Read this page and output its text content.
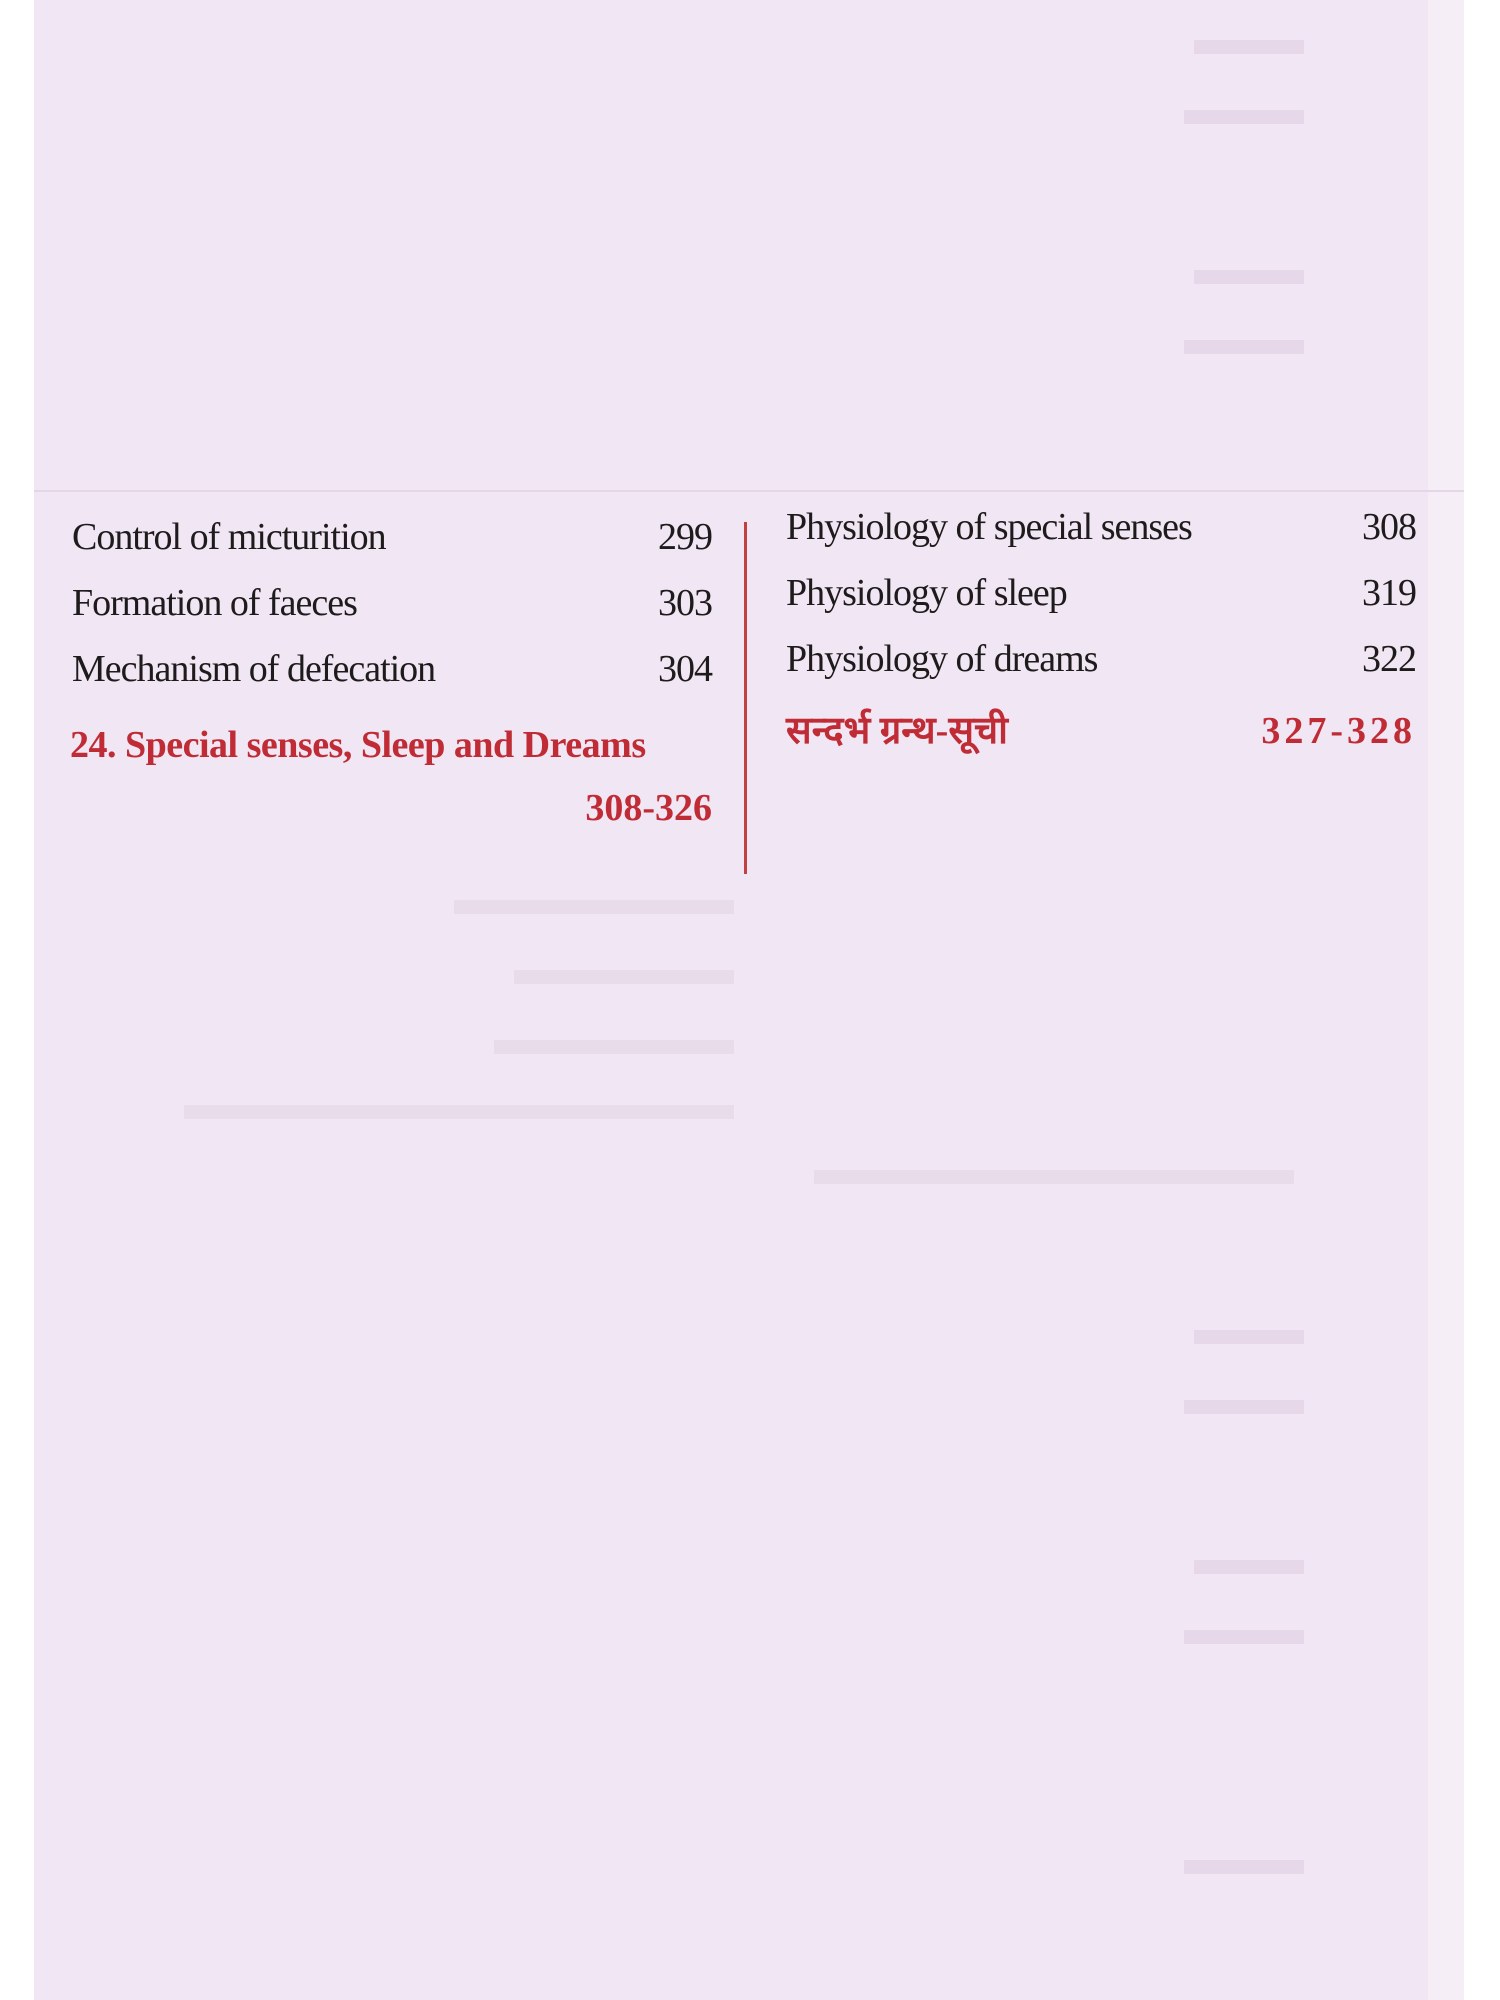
Control of micturition	299
Formation of faeces	303
Mechanism of defecation	304
24. Special senses, Sleep and Dreams
308-326
Physiology of special senses	308
Physiology of sleep	319
Physiology of dreams	322
सन्दर्भ ग्रन्थ-सूची	327-328
